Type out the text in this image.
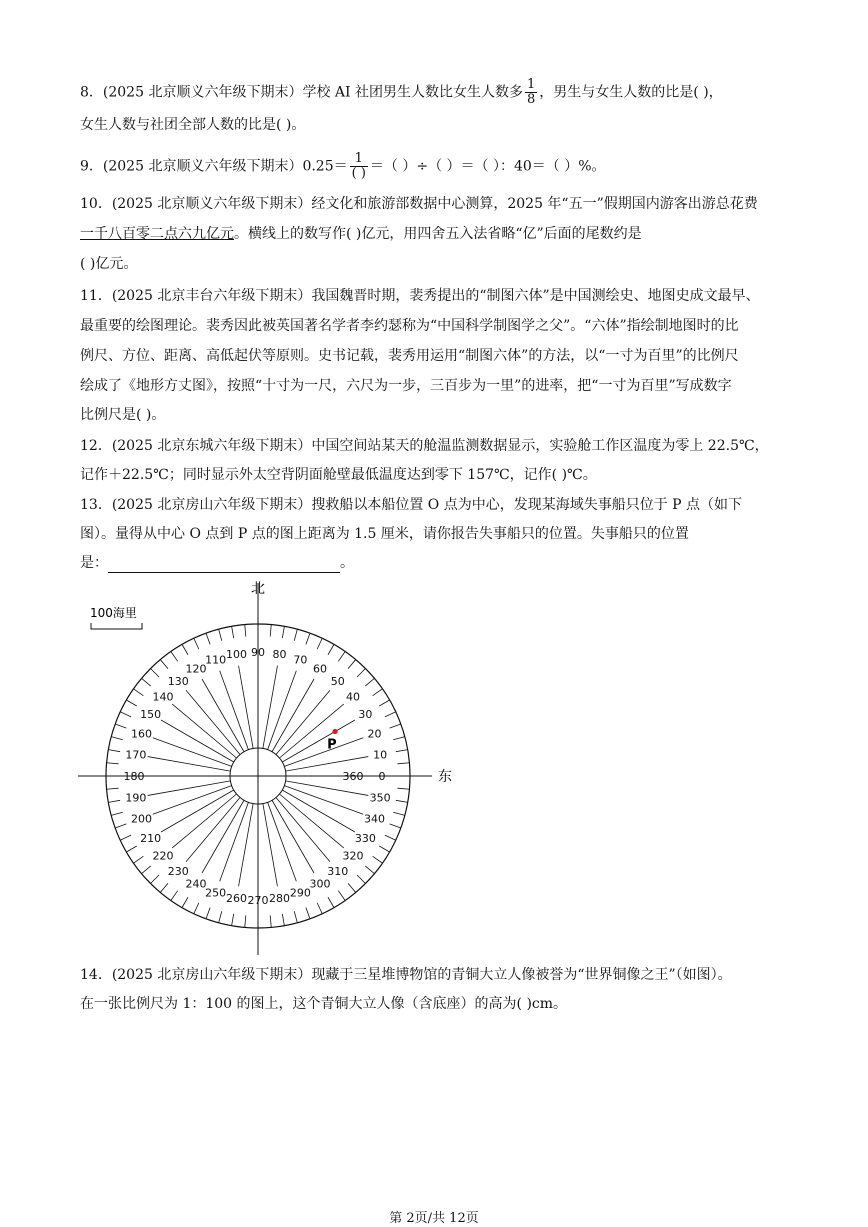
8．(2025 北京顺义六年级下期末）学校 AI 社团男生人数比女生人数多 $\frac{1}{8}$ ，男生与女生人数的比是( )，
女生人数与社团全部人数的比是( )。
9．(2025 北京顺义六年级下期末）$0.25= \frac{1}{( )}$ ＝（ ）÷（ ）＝（ ）：40＝（ ）%。
10．(2025 北京顺义六年级下期末）经文化和旅游部数据中心测算，2025 年“五一”假期国内游客出游总花费
一千八百零二点六九亿元。横线上的数写作( )亿元，用四舍五入法省略“亿”后面的尾数约是
( )亿元。
11．(2025 北京丰台六年级下期末）我国魏晋时期，裴秀提出的“制图六体”是中国测绘史、地图史成文最早、
最重要的绘图理论。裴秀因此被英国著名学者李约瑟称为“中国科学制图学之父”。“六体”指绘制地图时的比
例尺、方位、距离、高低起伏等原则。史书记载，裴秀用运用“制图六体”的方法，以“一寸为百里”的比例尺
绘成了《地形方丈图》，按照“十寸为一尺，六尺为一步，三百步为一里”的进率，把“一寸为百里”写成数字
比例尺是( )。
12．(2025 北京东城六年级下期末）中国空间站某天的舱温监测数据显示，实验舱工作区温度为零上 22.5℃，
记作＋22.5℃；同时显示外太空背阴面舱壁最低温度达到零下 157℃，记作( )℃。
13．(2025 北京房山六年级下期末）搜救船以本船位置 O 点为中心，发现某海域失事船只位于 P 点（如下
图）。量得从中心 O 点到 P 点的图上距离为 1.5 厘米，请你报告失事船只的位置。失事船只的位置
是：	。
0
10
20
30
40
50
60
70
80
90
100
110
120
130
140
150
160
170
180
190
200
210
220
230
240
250 260 270 280 290
300
310
320
330
340
350
360
北
东
100海里
P
14．(2025 北京房山六年级下期末）现藏于三星堆博物馆的青铜大立人像被誉为“世界铜像之王”（如图）。
在一张比例尺为 1：100 的图上，这个青铜大立人像（含底座）的高为( )cm。
第 2页/共 12页
